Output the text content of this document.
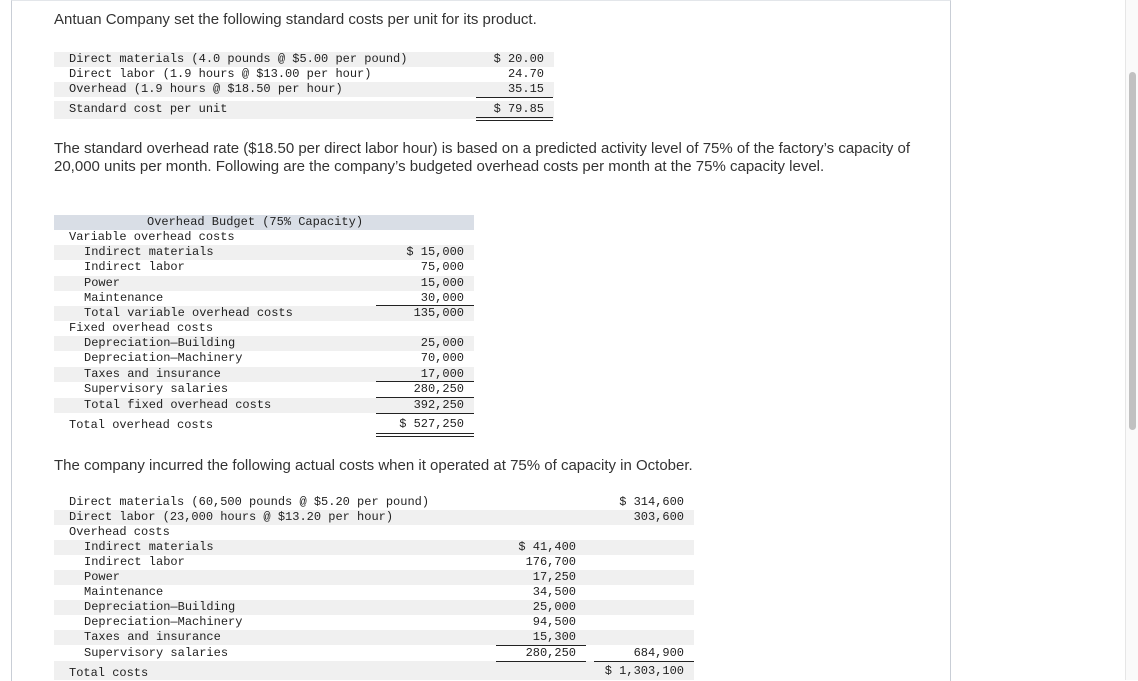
Antuan Company set the following standard costs per unit for its product.

Direct materials (4.0 pounds @ $5.00 per pound)	$ 20.00
Direct labor (1.9 hours @ $13.00 per hour)	24.70
Overhead (1.9 hours @ $18.50 per hour)	35.15
Standard cost per unit	$ 79.85

The standard overhead rate ($18.50 per direct labor hour) is based on a predicted activity level of 75% of the factory’s capacity of 20,000 units per month. Following are the company’s budgeted overhead costs per month at the 75% capacity level.

Overhead Budget (75% Capacity)
Variable overhead costs
Indirect materials	$ 15,000
Indirect labor	75,000
Power	15,000
Maintenance	30,000
Total variable overhead costs	135,000
Fixed overhead costs
Depreciation—Building	25,000
Depreciation—Machinery	70,000
Taxes and insurance	17,000
Supervisory salaries	280,250
Total fixed overhead costs	392,250
Total overhead costs	$ 527,250

The company incurred the following actual costs when it operated at 75% of capacity in October.

Direct materials (60,500 pounds @ $5.20 per pound)	$ 314,600
Direct labor (23,000 hours @ $13.20 per hour)	303,600
Overhead costs
Indirect materials	$ 41,400
Indirect labor	176,700
Power	17,250
Maintenance	34,500
Depreciation—Building	25,000
Depreciation—Machinery	94,500
Taxes and insurance	15,300
Supervisory salaries	280,250	684,900
Total costs	$ 1,303,100
